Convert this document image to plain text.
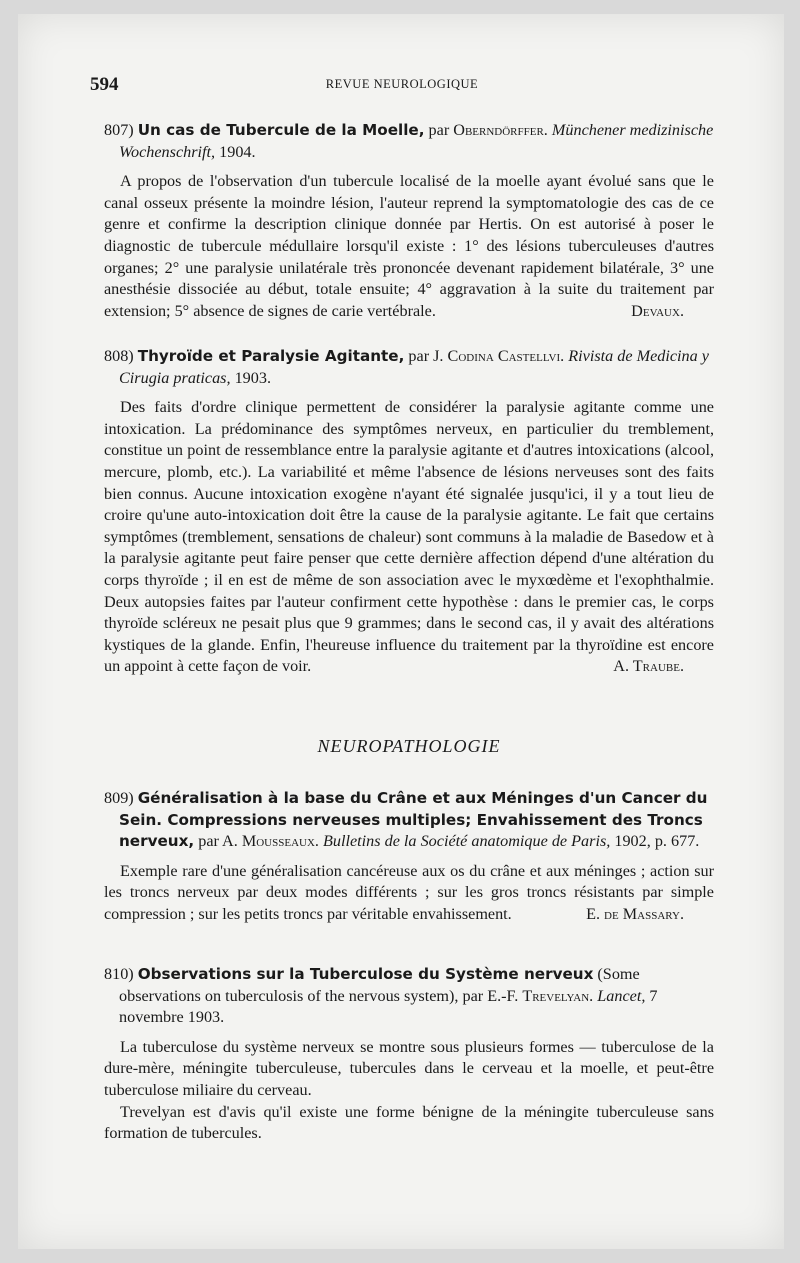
594	REVUE NEUROLOGIQUE
807) Un cas de Tubercule de la Moelle, par Oberndörffer. Münchener medizinische Wochenschrift, 1904.

A propos de l'observation d'un tubercule localisé de la moelle ayant évolué sans que le canal osseux présente la moindre lésion, l'auteur reprend la symptomatologie des cas de ce genre et confirme la description clinique donnée par Hertis. On est autorisé à poser le diagnostic de tubercule médullaire lorsqu'il existe : 1° des lésions tuberculeuses d'autres organes; 2° une paralysie unilatérale très prononcée devenant rapidement bilatérale, 3° une anesthésie dissociée au début, totale ensuite; 4° aggravation à la suite du traitement par extension; 5° absence de signes de carie vertébrale.	Devaux.
808) Thyroïde et Paralysie Agitante, par J. Codina Castellvi. Rivista de Medicina y Cirugia praticas, 1903.

Des faits d'ordre clinique permettent de considérer la paralysie agitante comme une intoxication. La prédominance des symptômes nerveux, en particulier du tremblement, constitue un point de ressemblance entre la paralysie agitante et d'autres intoxications (alcool, mercure, plomb, etc.). La variabilité et même l'absence de lésions nerveuses sont des faits bien connus. Aucune intoxication exogène n'ayant été signalée jusqu'ici, il y a tout lieu de croire qu'une auto-intoxication doit être la cause de la paralysie agitante. Le fait que certains symptômes (tremblement, sensations de chaleur) sont communs à la maladie de Basedow et à la paralysie agitante peut faire penser que cette dernière affection dépend d'une altération du corps thyroïde ; il en est de même de son association avec le myxœdème et l'exophthalmie. Deux autopsies faites par l'auteur confirment cette hypothèse : dans le premier cas, le corps thyroïde scléreux ne pesait plus que 9 grammes; dans le second cas, il y avait des altérations kystiques de la glande. Enfin, l'heureuse influence du traitement par la thyroïdine est encore un appoint à cette façon de voir.	A. Traube.
NEUROPATHOLOGIE
809) Généralisation à la base du Crâne et aux Méninges d'un Cancer du Sein. Compressions nerveuses multiples; Envahissement des Troncs nerveux, par A. Mousseaux. Bulletins de la Société anatomique de Paris, 1902, p. 677.

Exemple rare d'une généralisation cancéreuse aux os du crâne et aux méninges ; action sur les troncs nerveux par deux modes différents ; sur les gros troncs résistants par simple compression ; sur les petits troncs par véritable envahissement.	E. de Massary.
810) Observations sur la Tuberculose du Système nerveux (Some observations on tuberculosis of the nervous system), par E.-F. Trevelyan. Lancet, 7 novembre 1903.

La tuberculose du système nerveux se montre sous plusieurs formes — tuberculose de la dure-mère, méningite tuberculeuse, tubercules dans le cerveau et la moelle, et peut-être tuberculose miliaire du cerveau.

Trevelyan est d'avis qu'il existe une forme bénigne de la méningite tuberculeuse sans formation de tubercules.
